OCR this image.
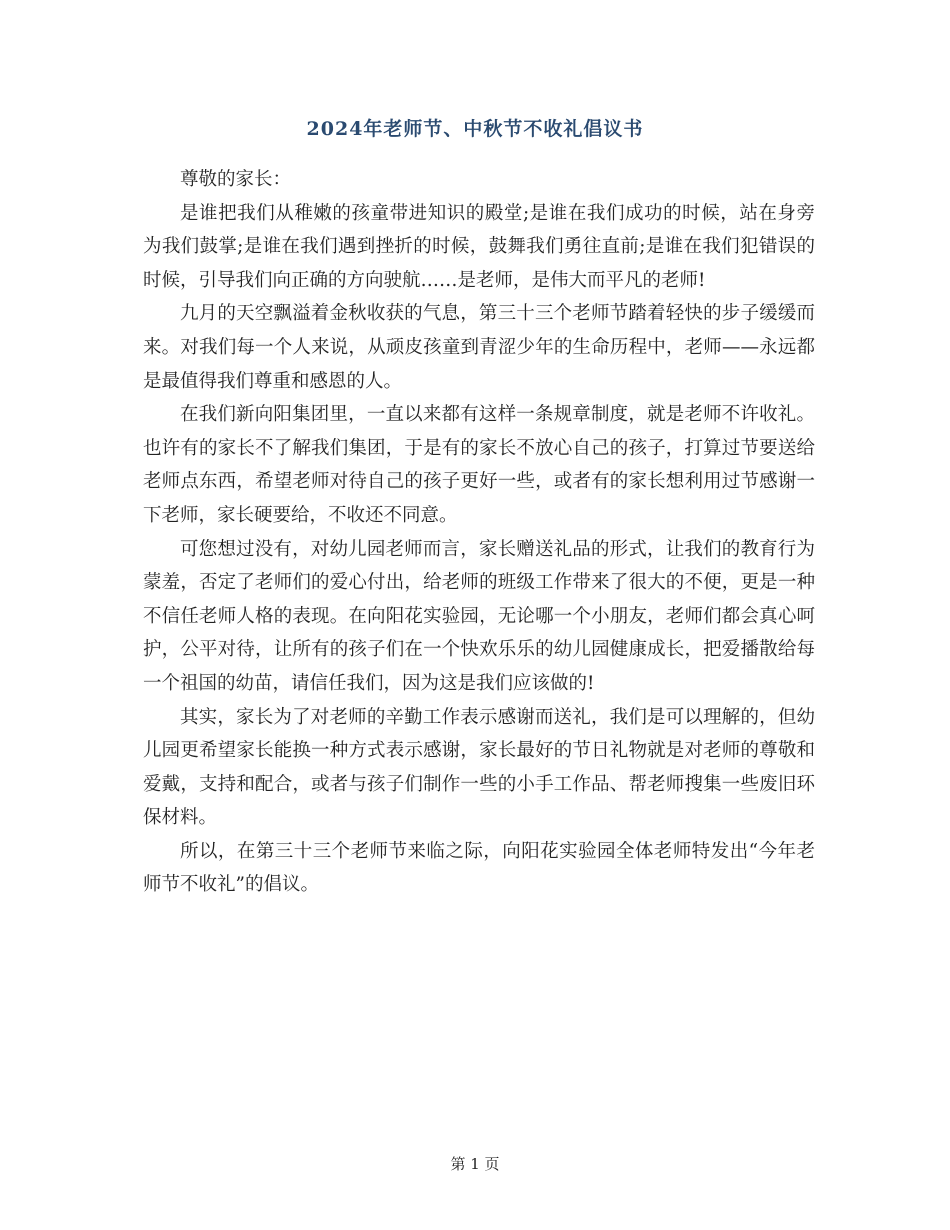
2024年老师节、中秋节不收礼倡议书

尊敬的家长：

是谁把我们从稚嫩的孩童带进知识的殿堂;是谁在我们成功的时候，站在身旁为我们鼓掌;是谁在我们遇到挫折的时候，鼓舞我们勇往直前;是谁在我们犯错误的时候，引导我们向正确的方向驶航……是老师，是伟大而平凡的老师!

九月的天空飘溢着金秋收获的气息，第三十三个老师节踏着轻快的步子缓缓而来。对我们每一个人来说，从顽皮孩童到青涩少年的生命历程中，老师——永远都是最值得我们尊重和感恩的人。

在我们新向阳集团里，一直以来都有这样一条规章制度，就是老师不许收礼。也许有的家长不了解我们集团，于是有的家长不放心自己的孩子，打算过节要送给老师点东西，希望老师对待自己的孩子更好一些，或者有的家长想利用过节感谢一下老师，家长硬要给，不收还不同意。

可您想过没有，对幼儿园老师而言，家长赠送礼品的形式，让我们的教育行为蒙羞，否定了老师们的爱心付出，给老师的班级工作带来了很大的不便，更是一种不信任老师人格的表现。在向阳花实验园，无论哪一个小朋友，老师们都会真心呵护，公平对待，让所有的孩子们在一个快欢乐乐的幼儿园健康成长，把爱播散给每一个祖国的幼苗，请信任我们，因为这是我们应该做的!

其实，家长为了对老师的辛勤工作表示感谢而送礼，我们是可以理解的，但幼儿园更希望家长能换一种方式表示感谢，家长最好的节日礼物就是对老师的尊敬和爱戴，支持和配合，或者与孩子们制作一些的小手工作品、帮老师搜集一些废旧环保材料。

所以，在第三十三个老师节来临之际，向阳花实验园全体老师特发出“今年老师节不收礼”的倡议。

第 1 页
